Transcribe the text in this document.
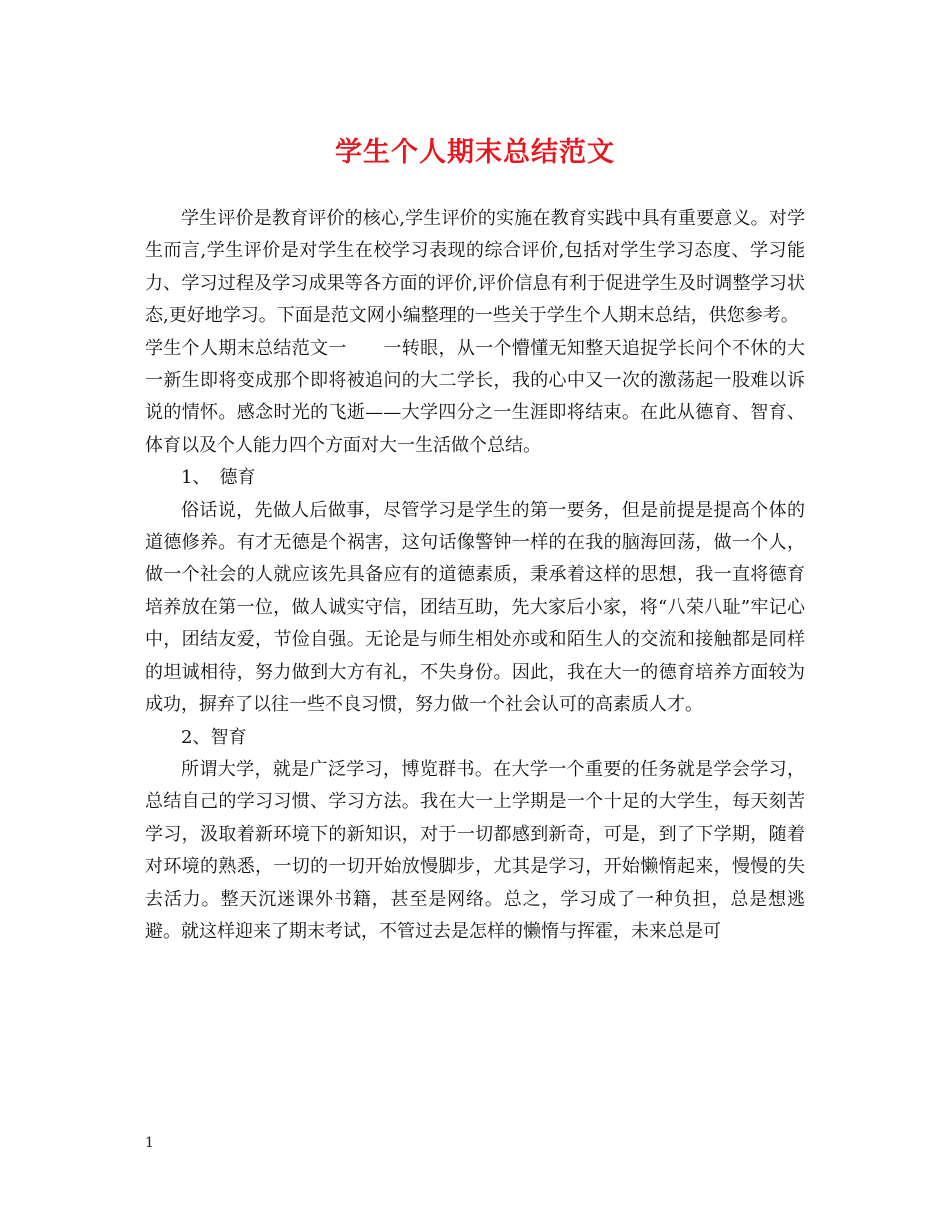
学生个人期末总结范文

学生评价是教育评价的核心,学生评价的实施在教育实践中具有重要意义。对学生而言,学生评价是对学生在校学习表现的综合评价,包括对学生学习态度、学习能力、学习过程及学习成果等各方面的评价,评价信息有利于促进学生及时调整学习状态,更好地学习。下面是范文网小编整理的一些关于学生个人期末总结，供您参考。

学生个人期末总结范文一　　一转眼，从一个懵懂无知整天追捉学长问个不休的大一新生即将变成那个即将被追问的大二学长，我的心中又一次的激荡起一股难以诉说的情怀。感念时光的飞逝——大学四分之一生涯即将结束。在此从德育、智育、体育以及个人能力四个方面对大一生活做个总结。

1、　德育

俗话说，先做人后做事，尽管学习是学生的第一要务，但是前提是提高个体的道德修养。有才无德是个祸害，这句话像警钟一样的在我的脑海回荡，做一个人，做一个社会的人就应该先具备应有的道德素质，秉承着这样的思想，我一直将德育培养放在第一位，做人诚实守信，团结互助，先大家后小家，将“八荣八耻”牢记心中，团结友爱，节俭自强。无论是与师生相处亦或和陌生人的交流和接触都是同样的坦诚相待，努力做到大方有礼，不失身份。因此，我在大一的德育培养方面较为成功，摒弃了以往一些不良习惯，努力做一个社会认可的高素质人才。

2、智育

所谓大学，就是广泛学习，博览群书。在大学一个重要的任务就是学会学习，总结自己的学习习惯、学习方法。我在大一上学期是一个十足的大学生，每天刻苦学习，汲取着新环境下的新知识，对于一切都感到新奇，可是，到了下学期，随着对环境的熟悉，一切的一切开始放慢脚步，尤其是学习，开始懒惰起来，慢慢的失去活力。整天沉迷课外书籍，甚至是网络。总之，学习成了一种负担，总是想逃避。就这样迎来了期末考试，不管过去是怎样的懒惰与挥霍，未来总是可

1
